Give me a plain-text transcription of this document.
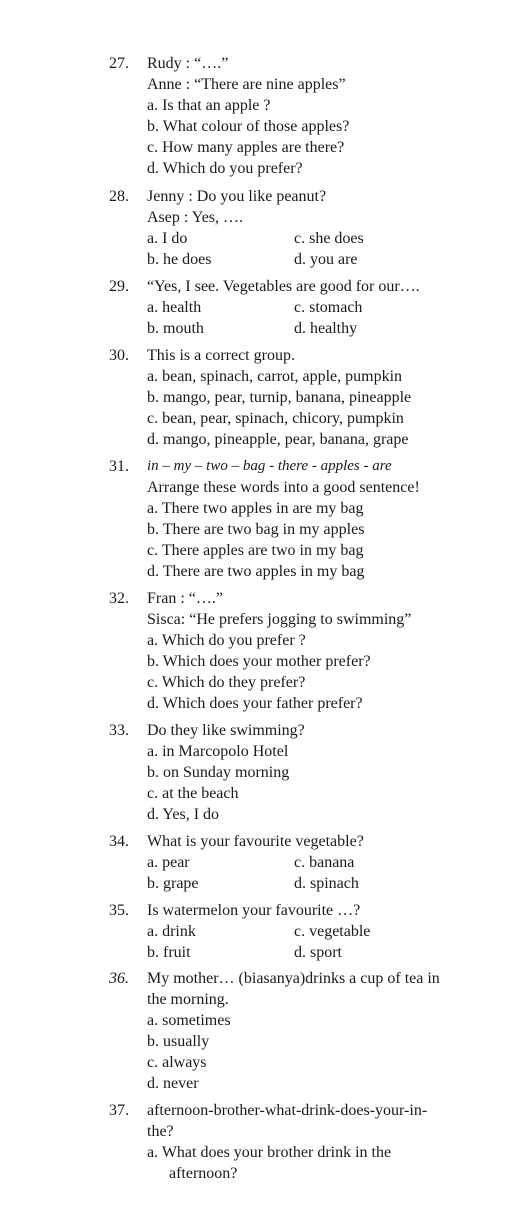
27. Rudy : “….”
Anne : “There are nine apples”
a. Is that an apple ?
b. What colour of those apples?
c. How many apples are there?
d. Which do you prefer?
28. Jenny : Do you like peanut?
Asep : Yes, ….
a. I do	c. she does
b. he does	d. you are
29. “Yes, I see. Vegetables are good for our….
a. health	c. stomach
b. mouth	d. healthy
30. This is a correct group.
a. bean, spinach, carrot, apple, pumpkin
b. mango, pear, turnip, banana, pineapple
c. bean, pear, spinach, chicory, pumpkin
d. mango, pineapple, pear, banana, grape
31. in – my – two – bag - there - apples - are
Arrange these words into a good sentence!
a. There two apples in are my bag
b. There are two bag in my apples
c. There apples are two in my bag
d. There are two apples in my bag
32. Fran : “….”
Sisca: “He prefers jogging to swimming”
a. Which do you prefer ?
b. Which does your mother prefer?
c. Which do they prefer?
d. Which does your father prefer?
33. Do they like swimming?
a. in Marcopolo Hotel
b. on Sunday morning
c. at the beach
d. Yes, I do
34. What is your favourite vegetable?
a. pear	c. banana
b. grape	d. spinach
35. Is watermelon your favourite …?
a. drink	c. vegetable
b. fruit	d. sport
36. My mother… (biasanya)drinks a cup of tea in
the morning.
a. sometimes
b. usually
c. always
d. never
37. afternoon-brother-what-drink-does-your-in-
the?
a. What does your brother drink in the
afternoon?
